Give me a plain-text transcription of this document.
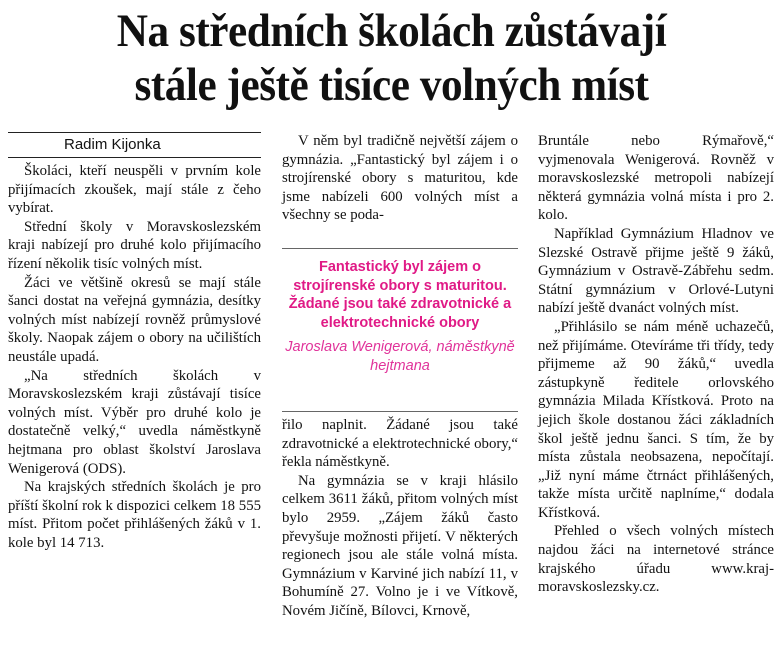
Na středních školách zůstávají
stále ještě tisíce volných míst
Radim Kijonka

Školáci, kteří neuspěli v prvním kole přijímacích zkoušek, mají stále z čeho vybírat.

Střední školy v Moravskoslezském kraji nabízejí pro druhé kolo přijímacího řízení několik tisíc volných míst.

Žáci ve většině okresů se mají stále šanci dostat na veřejná gymnázia, desítky volných míst nabízejí rovněž průmyslové školy. Naopak zájem o obory na učilištích neustále upadá.

„Na středních školách v Moravskoslezském kraji zůstávají tisíce volných míst. Výběr pro druhé kolo je dostatečně velký,“ uvedla náměstkyně hejtmana pro oblast školství Jaroslava Wenigerová (ODS).

Na krajských středních školách je pro příští školní rok k dispozici celkem 18 555 míst. Přitom počet přihlášených žáků v 1. kole byl 14 713.

V něm byl tradičně největší zájem o gymnázia. „Fantastický byl zájem i o strojírenské obory s maturitou, kde jsme nabízeli 600 volných míst a všechny se poda-

Fantastický byl zájem o strojírenské obory s maturitou. Žádané jsou také zdravotnické a elektrotechnické obory
Jaroslava Wenigerová, náměstkyně hejtmana

řilo naplnit. Žádané jsou také zdravotnické a elektrotechnické obory,“ řekla náměstkyně.

Na gymnázia se v kraji hlásilo celkem 3611 žáků, přitom volných míst bylo 2959. „Zájem žáků často převyšuje možnosti přijetí. V některých regionech jsou ale stále volná místa. Gymnázium v Karviné jich nabízí 11, v Bohumíně 27. Volno je i ve Vítkově, Novém Jičíně, Bílovci, Krnově,

Bruntále nebo Rýmařově,“ vyjmenovala Wenigerová. Rovněž v moravskoslezské metropoli nabízejí některá gymnázia volná místa i pro 2. kolo.

Například Gymnázium Hladnov ve Slezské Ostravě přijme ještě 9 žáků, Gymnázium v Ostravě-Zábřehu sedm. Státní gymnázium v Orlové-Lutyni nabízí ještě dvanáct volných míst.

„Přihlásilo se nám méně uchazečů, než přijímáme. Otevíráme tři třídy, tedy přijmeme až 90 žáků,“ uvedla zástupkyně ředitele orlovského gymnázia Milada Křístková. Proto na jejich škole dostanou žáci základních škol ještě jednu šanci. S tím, že by místa zůstala neobsazena, nepočítají. „Již nyní máme čtrnáct přihlášených, takže místa určitě naplníme,“ dodala Křístková.

Přehled o všech volných místech najdou žáci na internetové stránce krajského úřadu www.kraj-moravskoslezsky.cz.
